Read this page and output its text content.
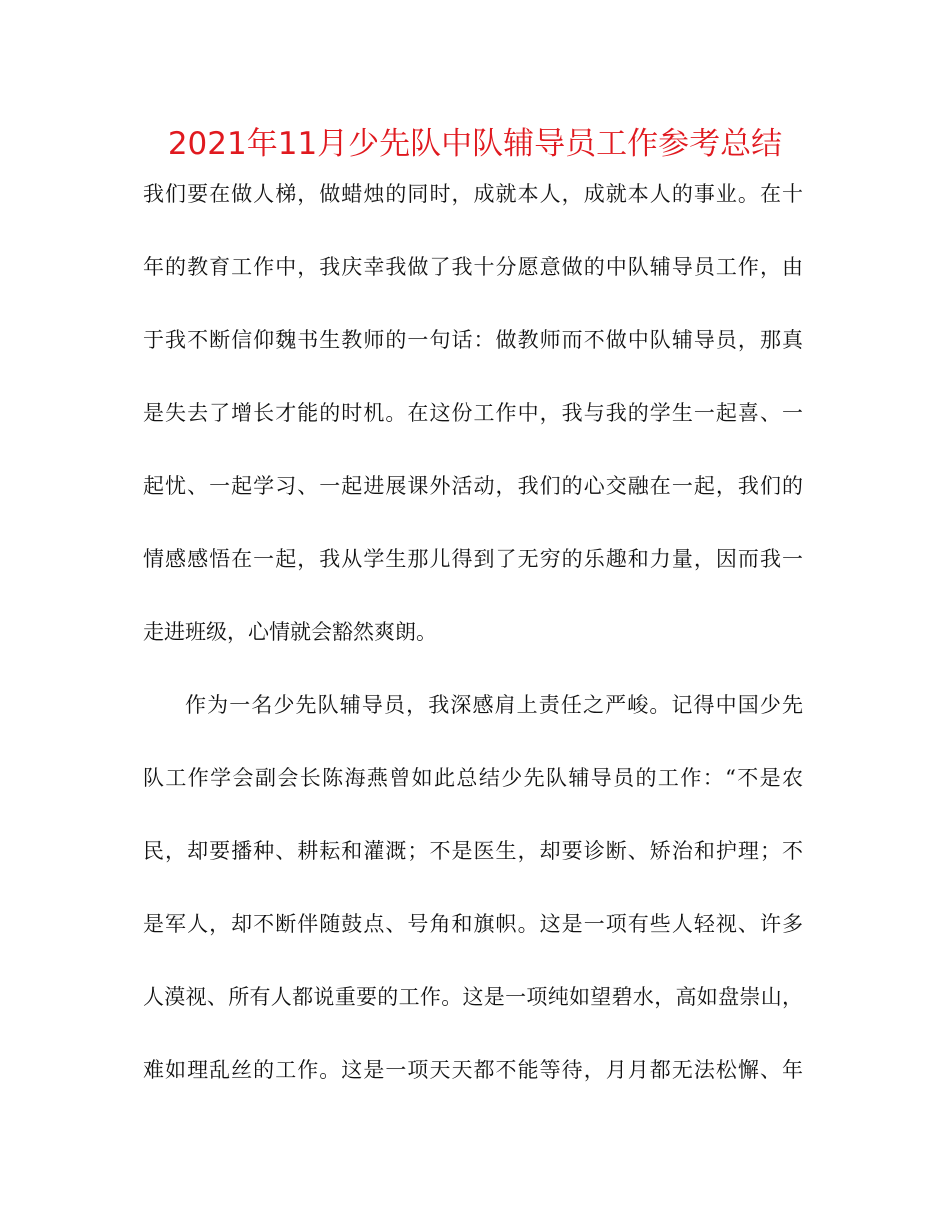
2021年11月少先队中队辅导员工作参考总结

我们要在做人梯，做蜡烛的同时，成就本人，成就本人的事业。在十

年的教育工作中，我庆幸我做了我十分愿意做的中队辅导员工作，由

于我不断信仰魏书生教师的一句话：做教师而不做中队辅导员，那真

是失去了增长才能的时机。在这份工作中，我与我的学生一起喜、一

起忧、一起学习、一起进展课外活动，我们的心交融在一起，我们的

情感感悟在一起，我从学生那儿得到了无穷的乐趣和力量，因而我一

走进班级，心情就会豁然爽朗。

作为一名少先队辅导员，我深感肩上责任之严峻。记得中国少先

队工作学会副会长陈海燕曾如此总结少先队辅导员的工作：“不是农

民，却要播种、耕耘和灌溉；不是医生，却要诊断、矫治和护理；不

是军人，却不断伴随鼓点、号角和旗帜。这是一项有些人轻视、许多

人漠视、所有人都说重要的工作。这是一项纯如望碧水，高如盘崇山，

难如理乱丝的工作。这是一项天天都不能等待，月月都无法松懈、年
